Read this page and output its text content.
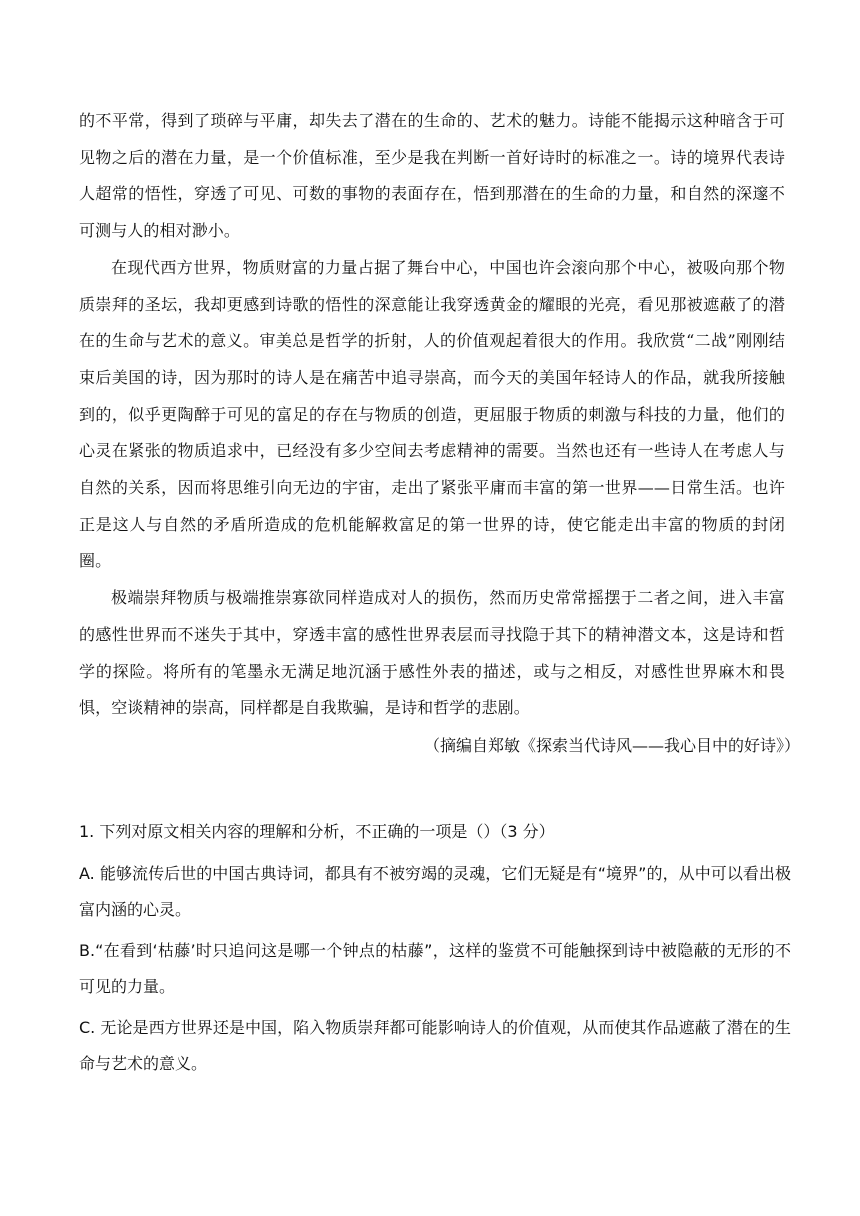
的不平常，得到了琐碎与平庸，却失去了潜在的生命的、艺术的魅力。诗能不能揭示这种暗含于可见物之后的潜在力量，是一个价值标准，至少是我在判断一首好诗时的标准之一。诗的境界代表诗人超常的悟性，穿透了可见、可数的事物的表面存在，悟到那潜在的生命的力量，和自然的深邃不可测与人的相对渺小。

在现代西方世界，物质财富的力量占据了舞台中心，中国也许会滚向那个中心，被吸向那个物质崇拜的圣坛，我却更感到诗歌的悟性的深意能让我穿透黄金的耀眼的光亮，看见那被遮蔽了的潜在的生命与艺术的意义。审美总是哲学的折射，人的价值观起着很大的作用。我欣赏“二战”刚刚结束后美国的诗，因为那时的诗人是在痛苦中追寻崇高，而今天的美国年轻诗人的作品，就我所接触到的，似乎更陶醉于可见的富足的存在与物质的创造，更屈服于物质的刺激与科技的力量，他们的心灵在紧张的物质追求中，已经没有多少空间去考虑精神的需要。当然也还有一些诗人在考虑人与自然的关系，因而将思维引向无边的宇宙，走出了紧张平庸而丰富的第一世界——日常生活。也许正是这人与自然的矛盾所造成的危机能解救富足的第一世界的诗，使它能走出丰富的物质的封闭圈。

极端崇拜物质与极端推崇寡欲同样造成对人的损伤，然而历史常常摇摆于二者之间，进入丰富的感性世界而不迷失于其中，穿透丰富的感性世界表层而寻找隐于其下的精神潜文本，这是诗和哲学的探险。将所有的笔墨永无满足地沉涵于感性外表的描述，或与之相反，对感性世界麻木和畏惧，空谈精神的崇高，同样都是自我欺骗，是诗和哲学的悲剧。

（摘编自郑敏《探索当代诗风——我心目中的好诗》）

1. 下列对原文相关内容的理解和分析，不正确的一项是（）（3 分）

A. 能够流传后世的中国古典诗词，都具有不被穷竭的灵魂，它们无疑是有“境界”的，从中可以看出极富内涵的心灵。

B.“在看到‘枯藤’时只追问这是哪一个钟点的枯藤”，这样的鉴赏不可能触探到诗中被隐蔽的无形的不可见的力量。

C. 无论是西方世界还是中国，陷入物质崇拜都可能影响诗人的价值观，从而使其作品遮蔽了潜在的生命与艺术的意义。
